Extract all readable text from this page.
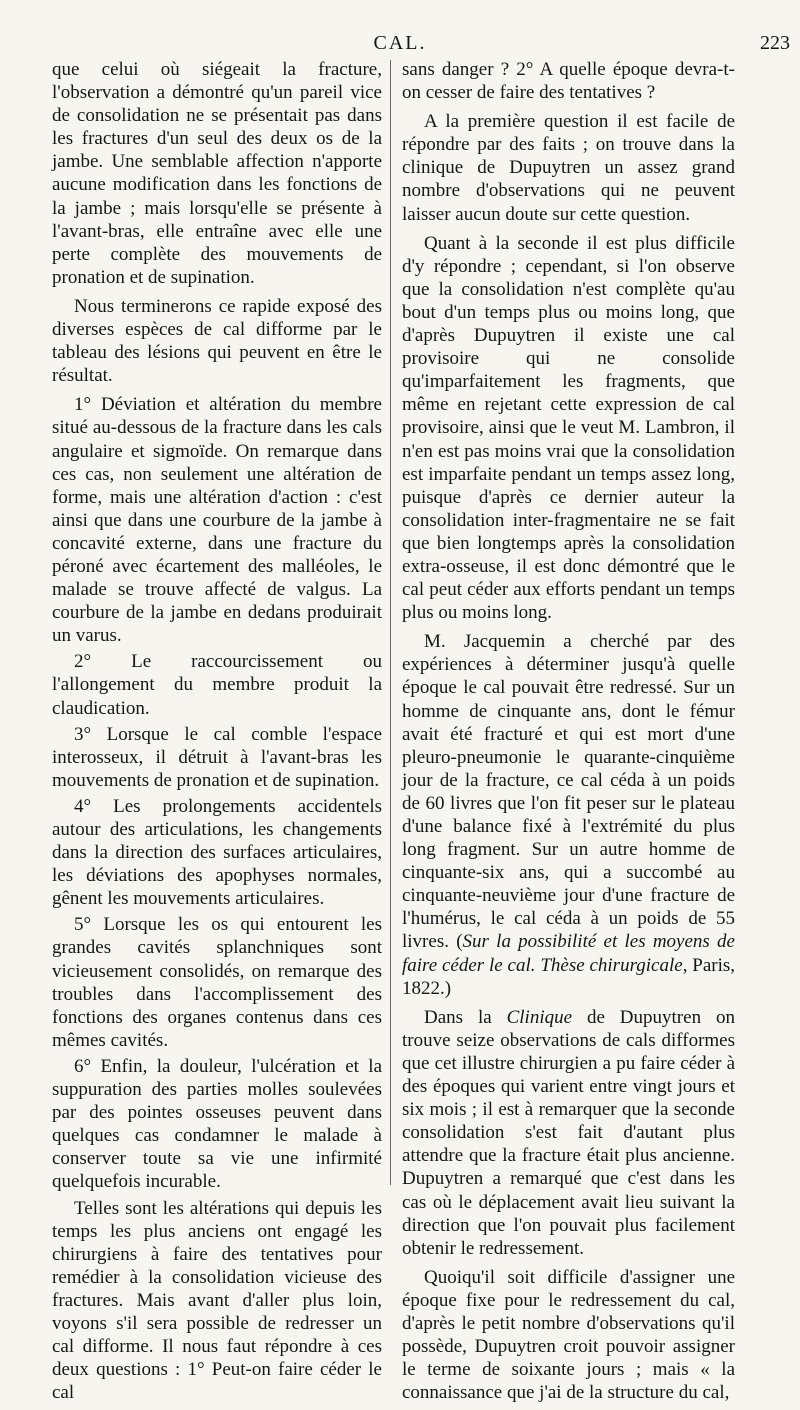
CAL.	223

que celui où siégeait la fracture, l'observation a démontré qu'un pareil vice de consolidation ne se présentait pas dans les fractures d'un seul des deux os de la jambe. Une semblable affection n'apporte aucune modification dans les fonctions de la jambe ; mais lorsqu'elle se présente à l'avant-bras, elle entraîne avec elle une perte complète des mouvements de pronation et de supination.

Nous terminerons ce rapide exposé des diverses espèces de cal difforme par le tableau des lésions qui peuvent en être le résultat.

1° Déviation et altération du membre situé au-dessous de la fracture dans les cals angulaire et sigmoïde. On remarque dans ces cas, non seulement une altération de forme, mais une altération d'action : c'est ainsi que dans une courbure de la jambe à concavité externe, dans une fracture du péroné avec écartement des malléoles, le malade se trouve affecté de valgus. La courbure de la jambe en dedans produirait un varus.

2° Le raccourcissement ou l'allongement du membre produit la claudication.

3° Lorsque le cal comble l'espace interosseux, il détruit à l'avant-bras les mouvements de pronation et de supination.

4° Les prolongements accidentels autour des articulations, les changements dans la direction des surfaces articulaires, les déviations des apophyses normales, gênent les mouvements articulaires.

5° Lorsque les os qui entourent les grandes cavités splanchniques sont vicieusement consolidés, on remarque des troubles dans l'accomplissement des fonctions des organes contenus dans ces mêmes cavités.

6° Enfin, la douleur, l'ulcération et la suppuration des parties molles soulevées par des pointes osseuses peuvent dans quelques cas condamner le malade à conserver toute sa vie une infirmité quelquefois incurable.

Telles sont les altérations qui depuis les temps les plus anciens ont engagé les chirurgiens à faire des tentatives pour remédier à la consolidation vicieuse des fractures. Mais avant d'aller plus loin, voyons s'il sera possible de redresser un cal difforme. Il nous faut répondre à ces deux questions : 1° Peut-on faire céder le cal

sans danger ? 2° A quelle époque devra-t-on cesser de faire des tentatives ?

A la première question il est facile de répondre par des faits ; on trouve dans la clinique de Dupuytren un assez grand nombre d'observations qui ne peuvent laisser aucun doute sur cette question.

Quant à la seconde il est plus difficile d'y répondre ; cependant, si l'on observe que la consolidation n'est complète qu'au bout d'un temps plus ou moins long, que d'après Dupuytren il existe une cal provisoire qui ne consolide qu'imparfaitement les fragments, que même en rejetant cette expression de cal provisoire, ainsi que le veut M. Lambron, il n'en est pas moins vrai que la consolidation est imparfaite pendant un temps assez long, puisque d'après ce dernier auteur la consolidation inter-fragmentaire ne se fait que bien longtemps après la consolidation extra-osseuse, il est donc démontré que le cal peut céder aux efforts pendant un temps plus ou moins long.

M. Jacquemin a cherché par des expériences à déterminer jusqu'à quelle époque le cal pouvait être redressé. Sur un homme de cinquante ans, dont le fémur avait été fracturé et qui est mort d'une pleuro-pneumonie le quarante-cinquième jour de la fracture, ce cal céda à un poids de 60 livres que l'on fit peser sur le plateau d'une balance fixé à l'extrémité du plus long fragment. Sur un autre homme de cinquante-six ans, qui a succombé au cinquante-neuvième jour d'une fracture de l'humérus, le cal céda à un poids de 55 livres. (Sur la possibilité et les moyens de faire céder le cal. Thèse chirurgicale, Paris, 1822.)

Dans la Clinique de Dupuytren on trouve seize observations de cals difformes que cet illustre chirurgien a pu faire céder à des époques qui varient entre vingt jours et six mois ; il est à remarquer que la seconde consolidation s'est fait d'autant plus attendre que la fracture était plus ancienne. Dupuytren a remarqué que c'est dans les cas où le déplacement avait lieu suivant la direction que l'on pouvait plus facilement obtenir le redressement.

Quoiqu'il soit difficile d'assigner une époque fixe pour le redressement du cal, d'après le petit nombre d'observations qu'il possède, Dupuytren croit pouvoir assigner le terme de soixante jours ; mais « la connaissance que j'ai de la structure du cal,
